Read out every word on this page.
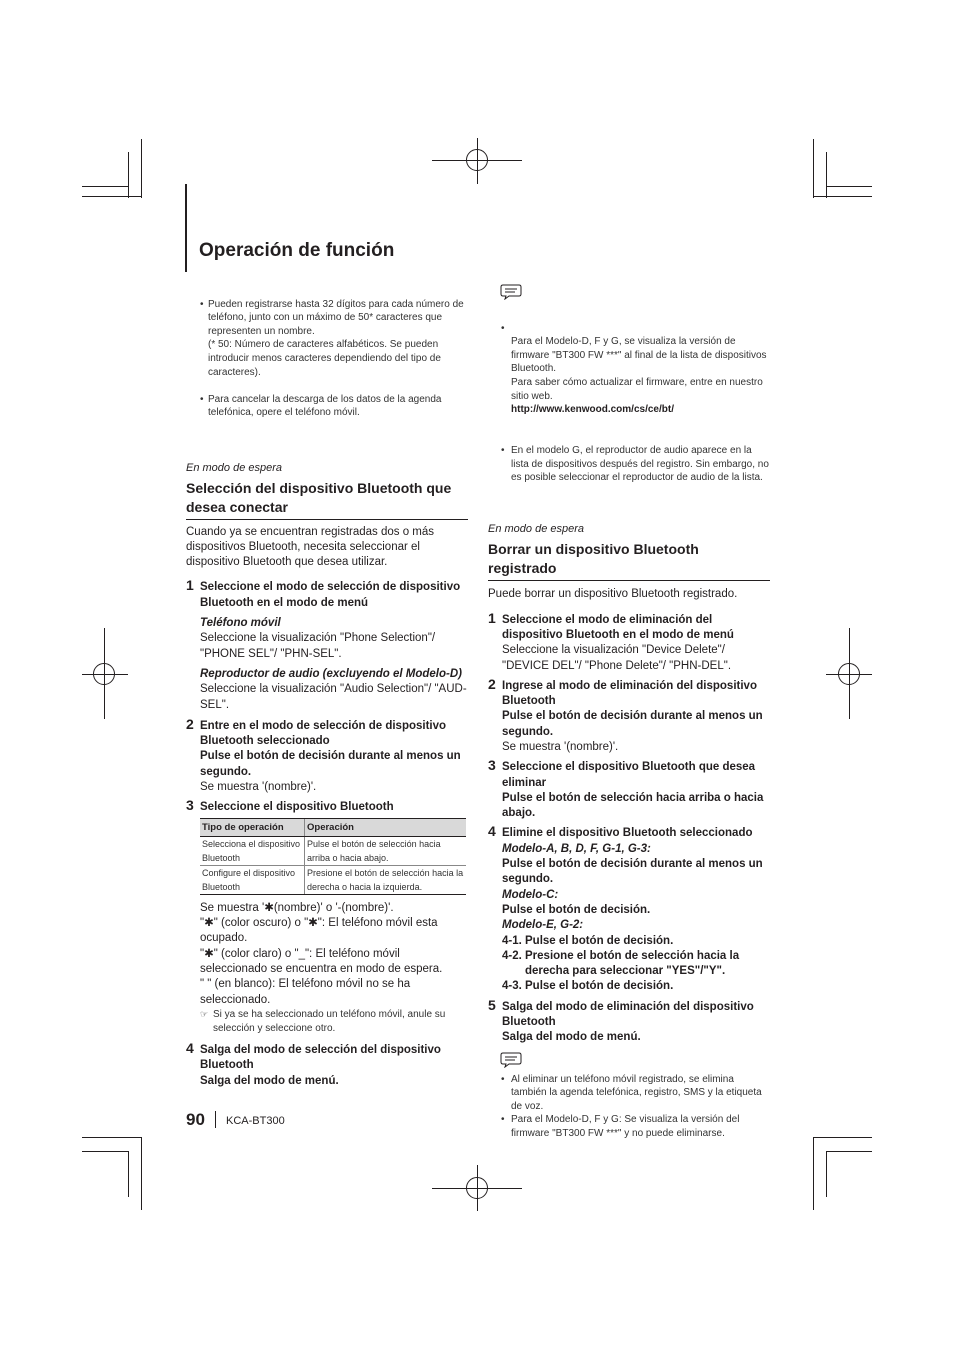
Operación de función

• Pueden registrarse hasta 32 dígitos para cada número de teléfono, junto con un máximo de 50* caracteres que representen un nombre.
(* 50: Número de caracteres alfabéticos. Se pueden introducir menos caracteres dependiendo del tipo de caracteres).

• Para cancelar la descarga de los datos de la agenda telefónica, opere el teléfono móvil.

En modo de espera

Selección del dispositivo Bluetooth que desea conectar

Cuando ya se encuentran registradas dos o más dispositivos Bluetooth, necesita seleccionar el dispositivo Bluetooth que desea utilizar.

1 Seleccione el modo de selección de dispositivo Bluetooth en el modo de menú
Teléfono móvil
Seleccione la visualización "Phone Selection"/ "PHONE SEL"/ "PHN-SEL".
Reproductor de audio (excluyendo el Modelo-D)
Seleccione la visualización "Audio Selection"/ "AUD-SEL".
2 Entre en el modo de selección de dispositivo Bluetooth seleccionado
Pulse el botón de decisión durante al menos un segundo.
Se muestra '(nombre)'.
3 Seleccione el dispositivo Bluetooth
Tipo de operación	Operación
Selecciona el dispositivo Bluetooth	Pulse el botón de selección hacia arriba o hacia abajo.
Configure el dispositivo Bluetooth	Presione el botón de selección hacia la derecha o hacia la izquierda.
Se muestra '✱(nombre)' o '-(nombre)'.
"✱" (color oscuro) o "✱": El teléfono móvil esta ocupado.
"✱" (color claro) o "_": El teléfono móvil seleccionado se encuentra en modo de espera.
" " (en blanco): El teléfono móvil no se ha seleccionado.
☞ Si ya se ha seleccionado un teléfono móvil, anule su selección y seleccione otro.
4 Salga del modo de selección del dispositivo Bluetooth
Salga del modo de menú.

• Para el Modelo-D, F y G, se visualiza la versión de firmware "BT300 FW ***" al final de la lista de dispositivos Bluetooth.
Para saber cómo actualizar el firmware, entre en nuestro sitio web.

http://www.kenwood.com/cs/ce/bt/

• En el modelo G, el reproductor de audio aparece en la lista de dispositivos después del registro. Sin embargo, no es posible seleccionar el reproductor de audio de la lista.

En modo de espera

Borrar un dispositivo Bluetooth registrado

Puede borrar un dispositivo Bluetooth registrado.

1 Seleccione el modo de eliminación del dispositivo Bluetooth en el modo de menú
Seleccione la visualización "Device Delete"/ "DEVICE DEL"/ "Phone Delete"/ "PHN-DEL".
2 Ingrese al modo de eliminación del dispositivo Bluetooth
Pulse el botón de decisión durante al menos un segundo.
Se muestra '(nombre)'.
3 Seleccione el dispositivo Bluetooth que desea eliminar
Pulse el botón de selección hacia arriba o hacia abajo.
4 Elimine el dispositivo Bluetooth seleccionado
Modelo-A, B, D, F, G-1, G-3:
Pulse el botón de decisión durante al menos un segundo.
Modelo-C:
Pulse el botón de decisión.
Modelo-E, G-2:
4-1. Pulse el botón de decisión.
4-2. Presione el botón de selección hacia la derecha para seleccionar "YES"/"Y".
4-3. Pulse el botón de decisión.
5 Salga del modo de eliminación del dispositivo Bluetooth
Salga del modo de menú.
• Al eliminar un teléfono móvil registrado, se elimina también la agenda telefónica, registro, SMS y la etiqueta de voz.
• Para el Modelo-D, F y G: Se visualiza la versión del firmware "BT300 FW ***" y no puede eliminarse.
90 KCA-BT300
